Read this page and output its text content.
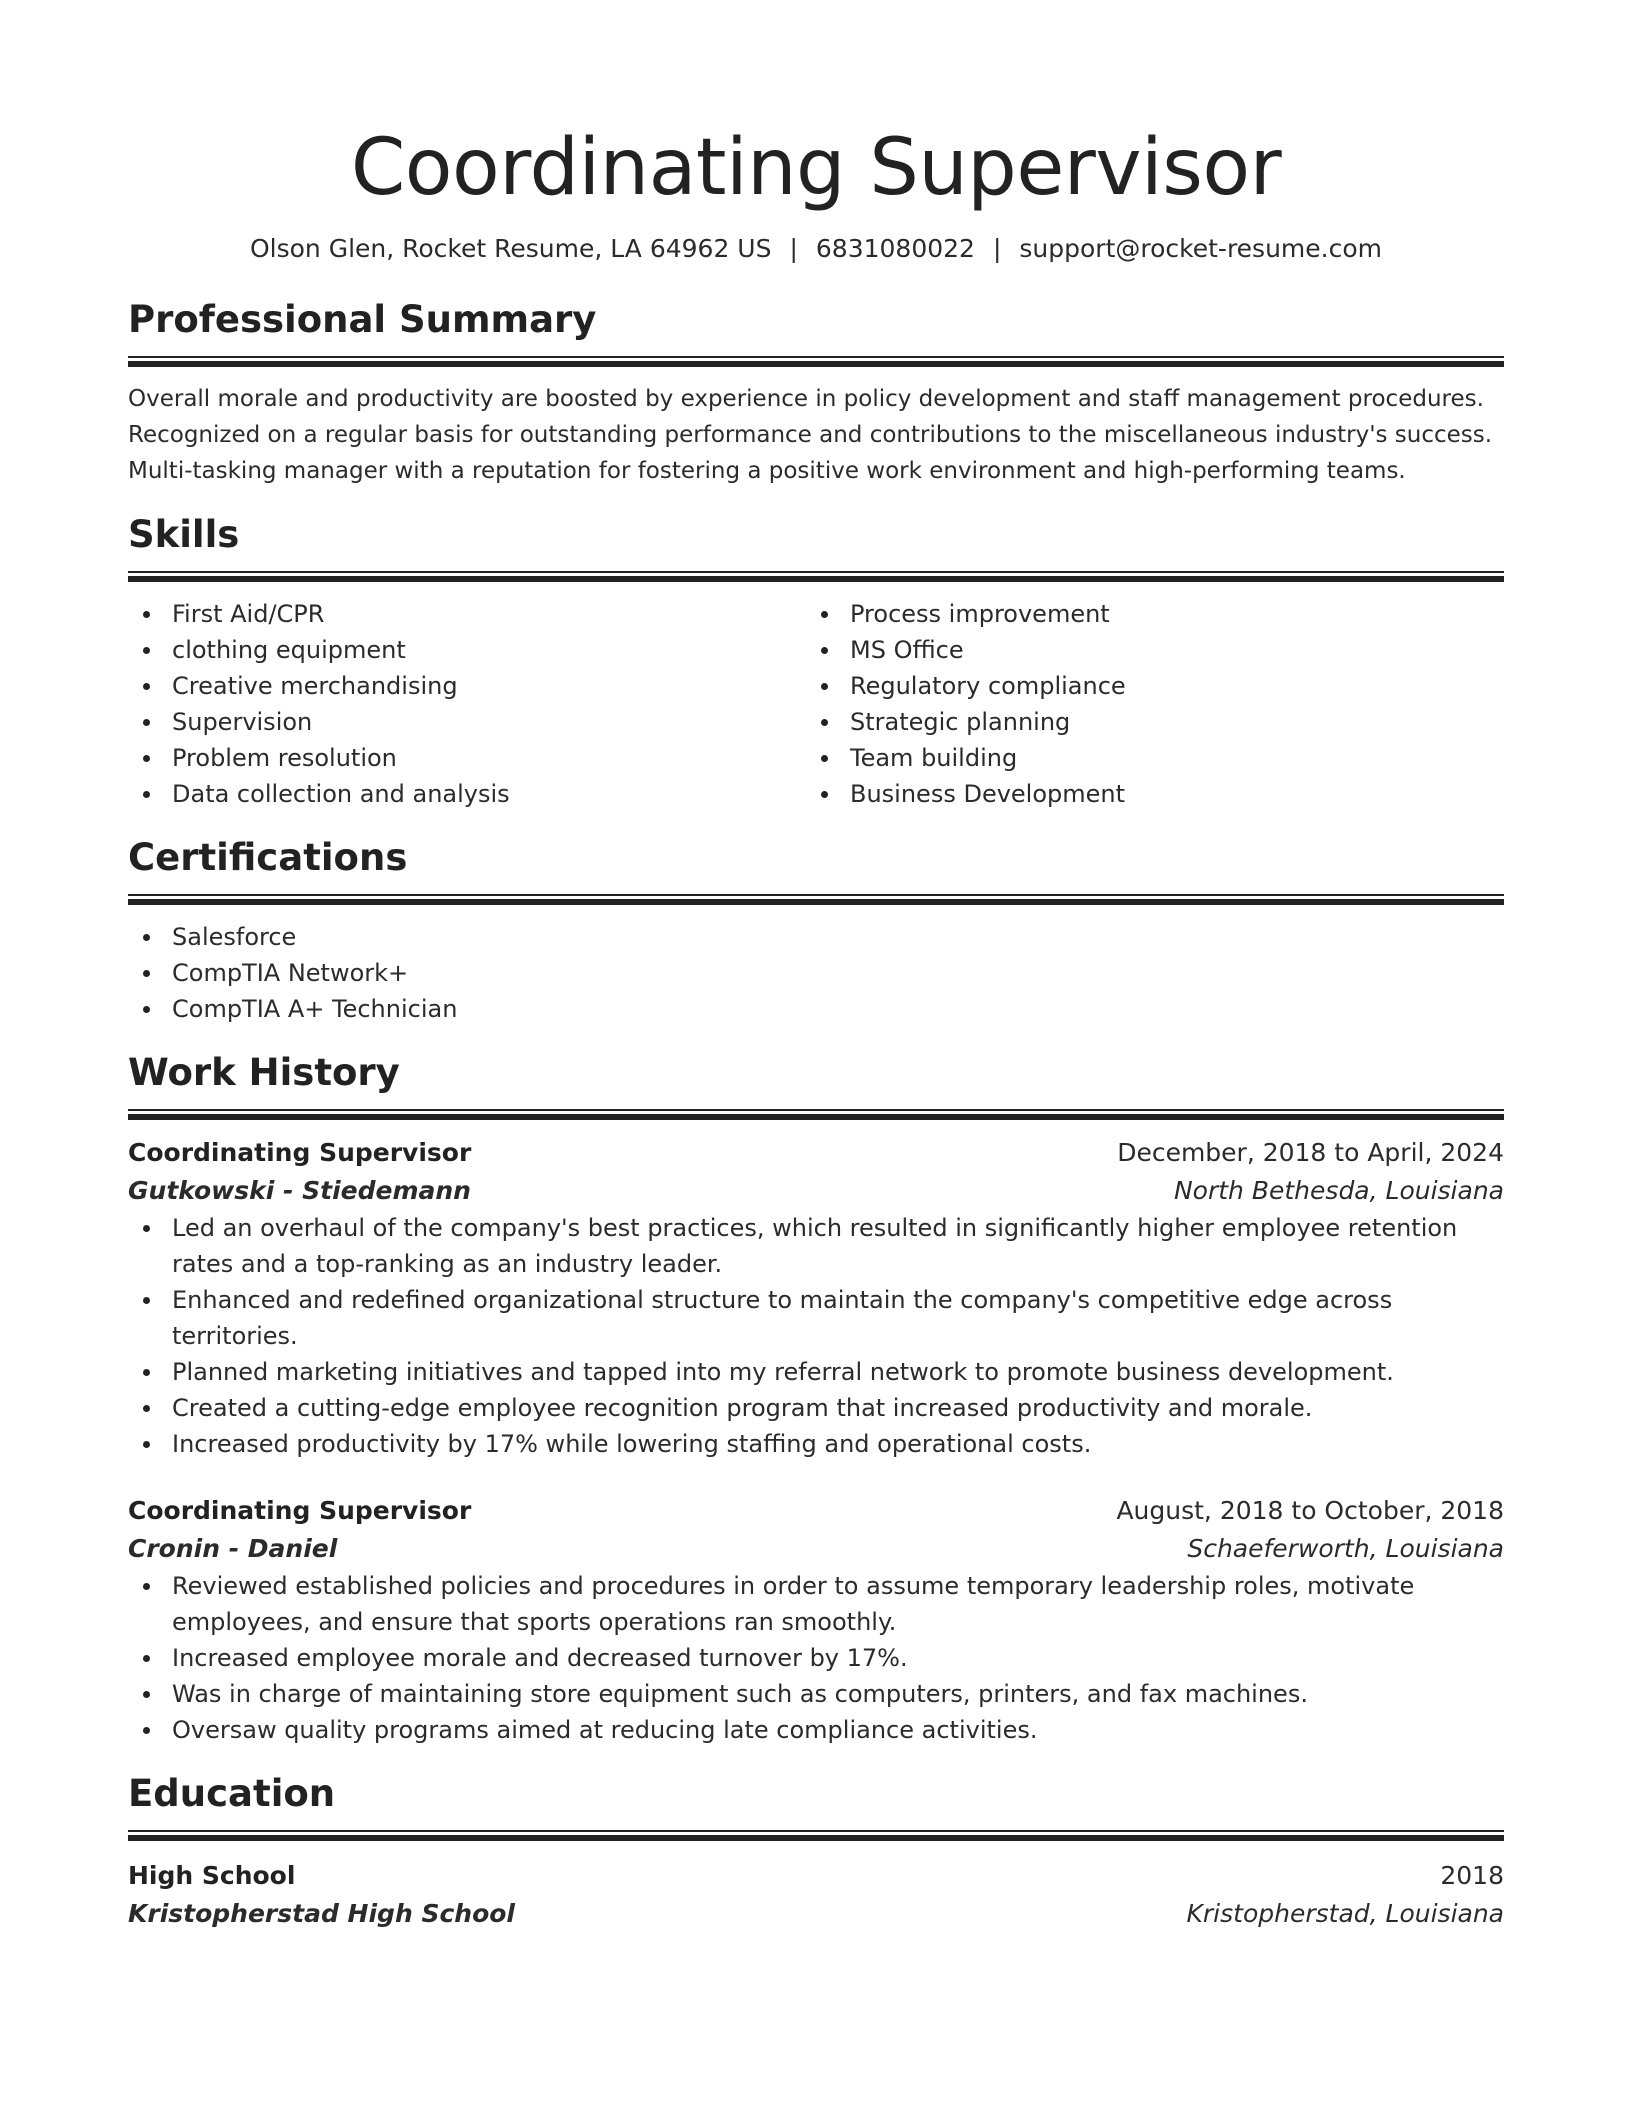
Coordinating Supervisor
Olson Glen, Rocket Resume, LA 64962 US | 6831080022 | support@rocket-resume.com
Professional Summary
Overall morale and productivity are boosted by experience in policy development and staff management procedures.
Recognized on a regular basis for outstanding performance and contributions to the miscellaneous industry's success.
Multi-tasking manager with a reputation for fostering a positive work environment and high-performing teams.
Skills
First Aid/CPR
clothing equipment
Creative merchandising
Supervision
Problem resolution
Data collection and analysis
Process improvement
MS Office
Regulatory compliance
Strategic planning
Team building
Business Development
Certifications
Salesforce
CompTIA Network+
CompTIA A+ Technician
Work History
Coordinating Supervisor	December, 2018 to April, 2024
Gutkowski - Stiedemann	North Bethesda, Louisiana
Led an overhaul of the company's best practices, which resulted in significantly higher employee retention rates and a top-ranking as an industry leader.
Enhanced and redefined organizational structure to maintain the company's competitive edge across territories.
Planned marketing initiatives and tapped into my referral network to promote business development.
Created a cutting-edge employee recognition program that increased productivity and morale.
Increased productivity by 17% while lowering staffing and operational costs.
Coordinating Supervisor	August, 2018 to October, 2018
Cronin - Daniel	Schaeferworth, Louisiana
Reviewed established policies and procedures in order to assume temporary leadership roles, motivate employees, and ensure that sports operations ran smoothly.
Increased employee morale and decreased turnover by 17%.
Was in charge of maintaining store equipment such as computers, printers, and fax machines.
Oversaw quality programs aimed at reducing late compliance activities.
Education
High School	2018
Kristopherstad High School	Kristopherstad, Louisiana
